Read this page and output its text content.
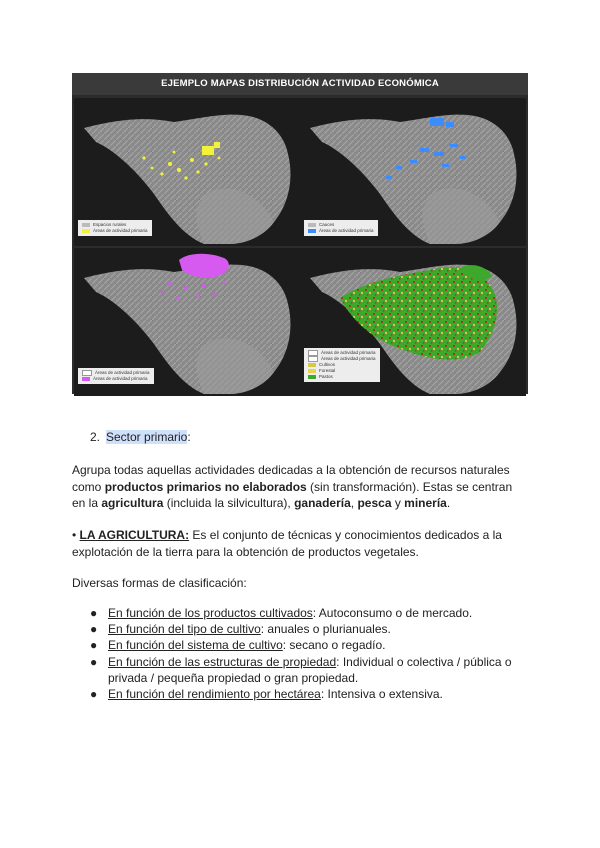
EJEMPLO MAPAS DISTRIBUCIÓN ACTIVIDAD ECONÓMICA
Espacios rurales
Áreas de actividad primaria
Cauces
Áreas de actividad primaria
Áreas de actividad primaria
Áreas de actividad primaria
Áreas de actividad primaria
Áreas de actividad primaria
Cultivos
Forestal
Pastos
2. Sector primario:
Agrupa todas aquellas actividades dedicadas a la obtención de recursos naturales como productos primarios no elaborados (sin transformación). Estas se centran en la agricultura (incluida la silvicultura), ganadería, pesca y minería.
• LA AGRICULTURA: Es el conjunto de técnicas y conocimientos dedicados a la explotación de la tierra para la obtención de productos vegetales.
Diversas formas de clasificación:
● En función de los productos cultivados: Autoconsumo o de mercado.
● En función del tipo de cultivo: anuales o plurianuales.
● En función del sistema de cultivo: secano o regadío.
● En función de las estructuras de propiedad: Individual o colectiva / pública o privada / pequeña propiedad o gran propiedad.
● En función del rendimiento por hectárea: Intensiva o extensiva.
